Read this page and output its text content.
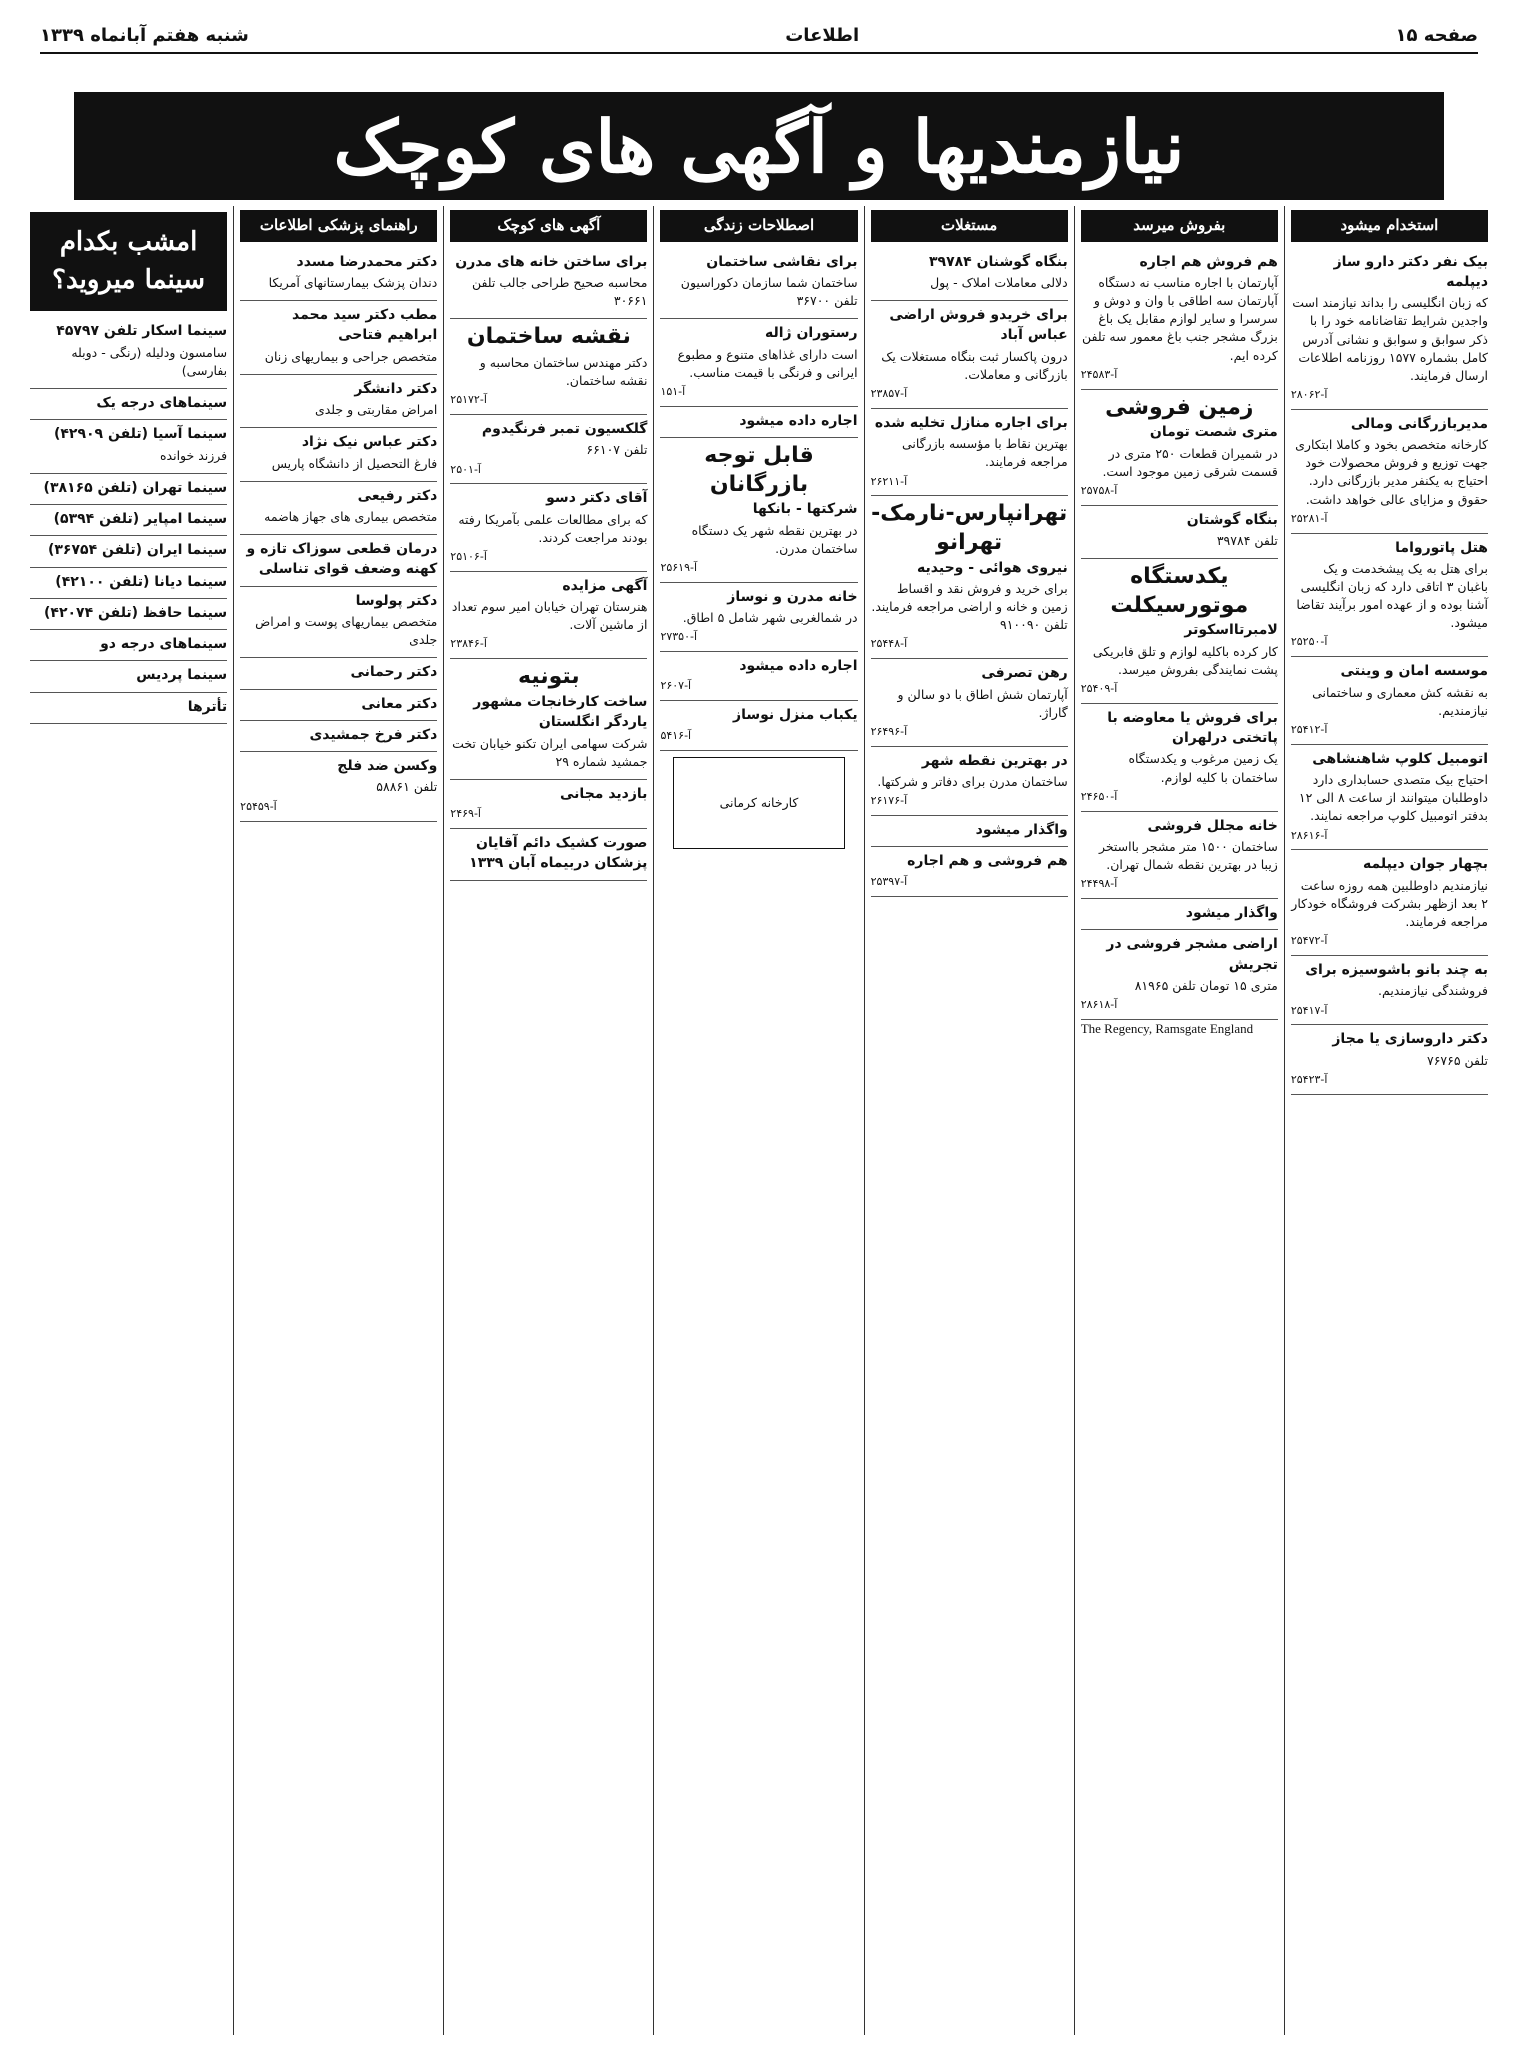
صفحه ۱۵
اطلاعات
شنبه هفتم آبانماه ۱۳۳۹
نیازمندیها و آگهی های کوچک
استخدام میشود
بیک نفر دکتر دارو ساز دیپلمه

که زبان انگلیسی را بداند نیازمند است واجدین شرایط تقاضانامه خود را با ذکر سوابق و سوابق و نشانی آدرس کامل بشماره ۱۵۷۷ روزنامه اطلاعات ارسال فرمایند.

آ-۲۸۰۶۲
مدیربازرگانی ومالی

کارخانه متخصص بخود و کاملا ابتکاری جهت توزیع و فروش محصولات خود احتیاج به یکنفر مدیر بازرگانی دارد. حقوق و مزایای عالی خواهد داشت.

آ-۲۵۲۸۱
هتل پاتورواما

برای هتل به یک پیشخدمت و یک باغبان ۳ اتاقی دارد که زبان انگلیسی آشنا بوده و از عهده امور برآیند تقاضا میشود.

آ-۲۵۲۵۰
موسسه امان و وینتی

به نقشه کش معماری و ساختمانی نیازمندیم.

آ-۲۵۴۱۲
اتومبیل کلوپ شاهنشاهی

احتیاج بیک متصدی حسابداری دارد داوطلبان میتوانند از ساعت ۸ الی ۱۲ بدفتر اتومبیل کلوپ مراجعه نمایند.

آ-۲۸۶۱۶
بچهار جوان دیپلمه

نیازمندیم داوطلبین همه روزه ساعت ۲ بعد ازظهر بشرکت فروشگاه خودکار مراجعه فرمایند.

آ-۲۵۴۷۲
به چند بانو باشوسیزه برای

فروشندگی نیازمندیم.

آ-۲۵۴۱۷
دکتر داروسازی یا مجاز

تلفن ۷۶۷۶۵

آ-۲۵۴۲۳
بفروش میرسد
هم فروش هم اجاره

آپارتمان با اجاره مناسب نه دستگاه آپارتمان سه اطاقی با وان و دوش و سرسرا و سایر لوازم مقابل یک باغ بزرگ مشجر جنب باغ معمور سه تلفن کرده ایم.

آ-۲۴۵۸۳
زمین فروشی
متری شصت تومان

در شمیران قطعات ۲۵۰ متری در قسمت شرقی زمین موجود است.

آ-۲۵۷۵۸
بنگاه گوشتان

تلفن ۳۹۷۸۴

یکدستگاه موتورسیکلت
لامبرتااسکوتر

کار کرده باکلیه لوازم و تلق فابریکی پشت نمایندگی بفروش میرسد.

آ-۲۵۴۰۹
برای فروش یا معاوضه با پاتختی درلهران

یک زمین مرغوب و یکدستگاه ساختمان با کلیه لوازم.

آ-۲۴۶۵۰
خانه مجلل فروشی

ساختمان ۱۵۰۰ متر مشجر بااستخر زیبا در بهترین نقطه شمال تهران.

آ-۲۴۴۹۸
واگذار میشود
اراضی مشجر فروشی در تجریش

متری ۱۵ تومان تلفن ۸۱۹۶۵

آ-۲۸۶۱۸
The Regency, Ramsgate England
مستغلات
بنگاه گوشنان ۳۹۷۸۴

دلالی معاملات املاک - پول

برای خریدو فروش اراضی عباس آباد

درون پاکسار ثبت بنگاه مستغلات یک بازرگانی و معاملات.

آ-۲۳۸۵۷
برای اجاره منازل تخلیه شده

بهترین نقاط با مؤسسه بازرگانی مراجعه فرمایند.

آ-۲۶۲۱۱
تهرانپارس-نارمک-تهرانو
نیروی هوائی - وحیدیه

برای خرید و فروش نقد و اقساط زمین و خانه و اراضی مراجعه فرمایند. تلفن ۹۱۰۰۹۰

آ-۲۵۴۴۸
رهن تصرفی

آپارتمان شش اطاق با دو سالن و گاراژ.

آ-۲۶۴۹۶
در بهترین نقطه شهر

ساختمان مدرن برای دفاتر و شرکتها.

آ-۲۶۱۷۶
واگذار میشود
هم فروشی و هم اجاره
آ-۲۵۳۹۷
اصطلاحات زندگی
برای نقاشی ساختمان

ساختمان شما سازمان دکوراسیون تلفن ۳۶۷۰۰

رستوران ژاله

است دارای غذاهای متنوع و مطبوع ایرانی و فرنگی با قیمت مناسب.

آ-۱۵۱
اجاره داده میشود
قابل توجه بازرگانان
شرکتها - بانکها

در بهترین نقطه شهر یک دستگاه ساختمان مدرن.

آ-۲۵۶۱۹
خانه مدرن و نوساز

در شمالغربی شهر شامل ۵ اطاق.

آ-۲۷۳۵۰
اجاره داده میشود
آ-۲۶۰۷
یکباب منزل نوساز
آ-۵۴۱۶
کارخانه کرمانی
آگهی های کوچک
برای ساختن خانه های مدرن

محاسبه صحیح طراحی جالب تلفن ۳۰۶۶۱

نقشه ساختمان

دکتر مهندس ساختمان محاسبه و نقشه ساختمان.

آ-۲۵۱۷۲
گلکسیون تمبر فرنگیدوم

تلفن ۶۶۱۰۷

آ-۲۵۰۱
آقای دکتر دسو

که برای مطالعات علمی بآمریکا رفته بودند مراجعت کردند.

آ-۲۵۱۰۶
آگهی مزایده

هنرستان تهران خیابان امیر سوم تعداد از ماشین آلات.

آ-۲۳۸۴۶
بتونیه
ساخت کارخانجات مشهور یاردگر انگلستان

شرکت سهامی ایران تکنو خیابان تخت جمشید شماره ۲۹

بازدید مجانی
آ-۲۴۶۹
صورت کشیک دائم آقایان پزشکان دربیماه آبان ۱۳۳۹
راهنمای پزشکی اطلاعات
دکتر محمدرضا مسدد

دندان پزشک بیمارستانهای آمریکا

مطب دکتر سید محمد ابراهیم فتاحی

متخصص جراحی و بیماریهای زنان

دکتر دانشگر

امراض مقاربتی و جلدی

دکتر عباس نیک نژاد

فارغ التحصیل از دانشگاه پاریس

دکتر رفیعی

متخصص بیماری های جهاز هاضمه

درمان قطعی سوزاک تازه و کهنه وضعف قوای تناسلی
دکتر پولوسا

متخصص بیماریهای پوست و امراض جلدی

دکتر رحمانی
دکتر معانی
دکتر فرخ جمشیدی
وکسن ضد فلج

تلفن ۵۸۸۶۱

آ-۲۵۴۵۹
امشب بکدام سینما میروید؟
سینما اسکار تلفن ۴۵۷۹۷

سامسون ودلیله (رنگی - دوبله بفارسی)

سینماهای درجه یک
سینما آسیا (تلفن ۴۲۹۰۹)

فرزند خوانده

سینما تهران (تلفن ۳۸۱۶۵)
سینما امپایر (تلفن ۵۳۹۴)
سینما ایران (تلفن ۳۶۷۵۴)
سینما دیانا (تلفن ۴۲۱۰۰)
سینما حافظ (تلفن ۴۲۰۷۴)
سینماهای درجه دو
سینما پردیس
تأترها
